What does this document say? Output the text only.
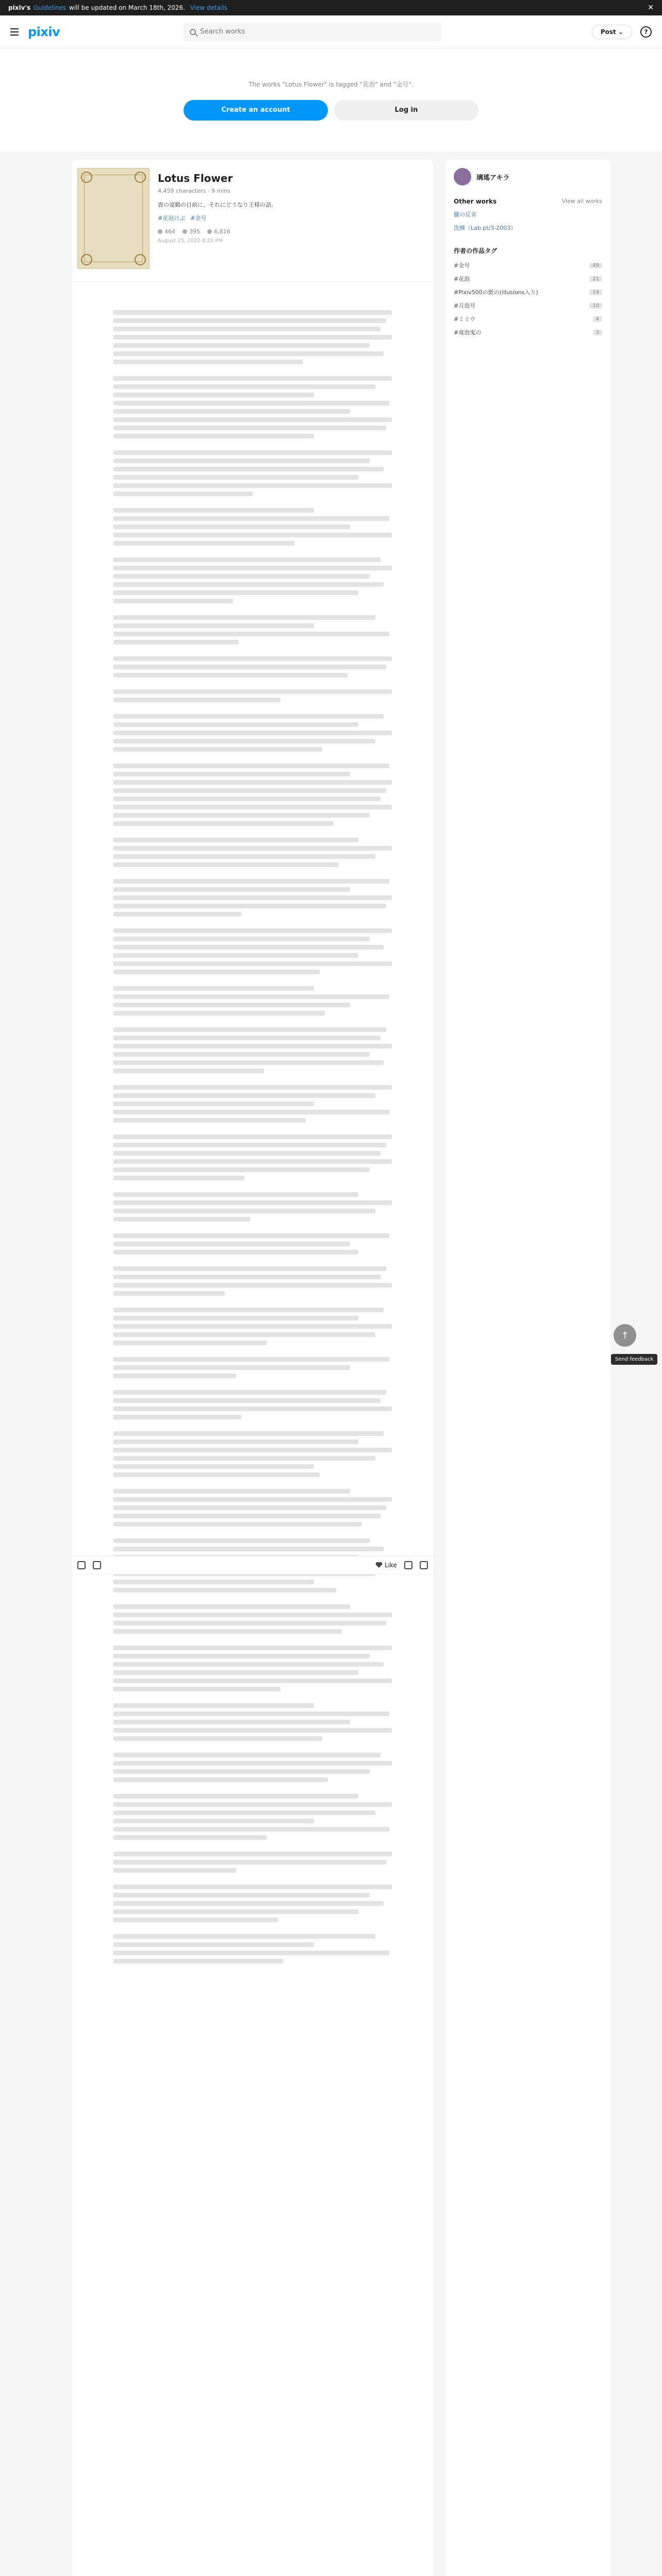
pixiv's Guidelines will be updated on March 18th, 2026. View details	✕
pixiv
Search works	Post ⌄	?

The works "Lotus Flower" is tagged "花泡" and "金号".

Create an account	Log in
Lotus Flower
4,459 characters · 9 mins
貴の遠鶴の目前に、それにどうなり王様の話。
#花泡けぶ #金号
464 395 6,816
August 25, 2022 8:21 PM
Like
璃瑤アキラ
Other works	View all works
朧の反省
洗練（Lab.pt/3-2003）
作者の作品タグ
#金号	49
#花泡	21
#Pixiv500の獣の(illusions入り)	14
#月泡号	10
#ミミウ	4
#竜泡鬼の	3
↑
Send feedback
